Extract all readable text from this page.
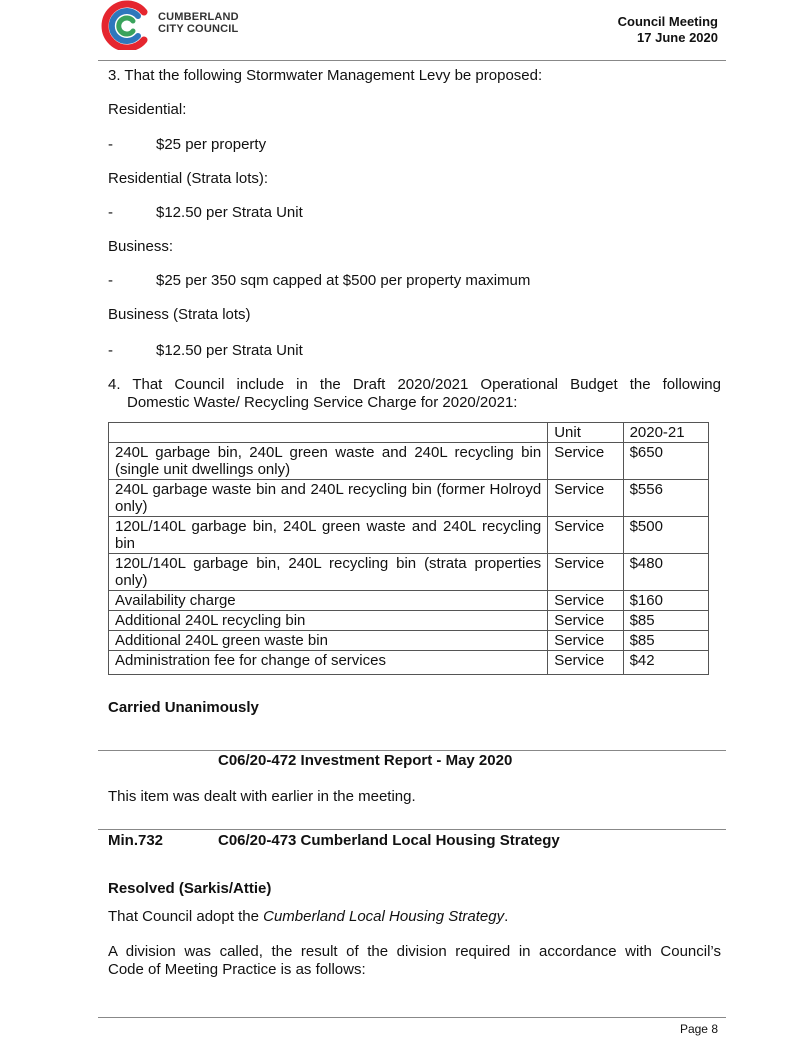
CUMBERLAND
CITY COUNCIL	Council Meeting
17 June 2020
3. That the following Stormwater Management Levy be proposed:
Residential:
-	$25 per property
Residential (Strata lots):
-	$12.50 per Strata Unit
Business:
-	$25 per 350 sqm capped at $500 per property maximum
Business (Strata lots)
-	$12.50 per Strata Unit
4. That Council include in the Draft 2020/2021 Operational Budget the following
Domestic Waste/ Recycling Service Charge for 2020/2021:
	Unit	2020-21
240L garbage bin, 240L green waste and 240L recycling bin (single unit dwellings only)	Service	$650
240L garbage waste bin and 240L recycling bin (former Holroyd only)	Service	$556
120L/140L garbage bin, 240L green waste and 240L recycling bin	Service	$500
120L/140L garbage bin, 240L recycling bin (strata properties only)	Service	$480
Availability charge	Service	$160
Additional 240L recycling bin	Service	$85
Additional 240L green waste bin	Service	$85
Administration fee for change of services	Service	$42
Carried Unanimously
C06/20-472 Investment Report - May 2020
This item was dealt with earlier in the meeting.
Min.732	C06/20-473 Cumberland Local Housing Strategy
Resolved (Sarkis/Attie)
That Council adopt the Cumberland Local Housing Strategy.
A division was called, the result of the division required in accordance with Council’s
Code of Meeting Practice is as follows:
Page 8
